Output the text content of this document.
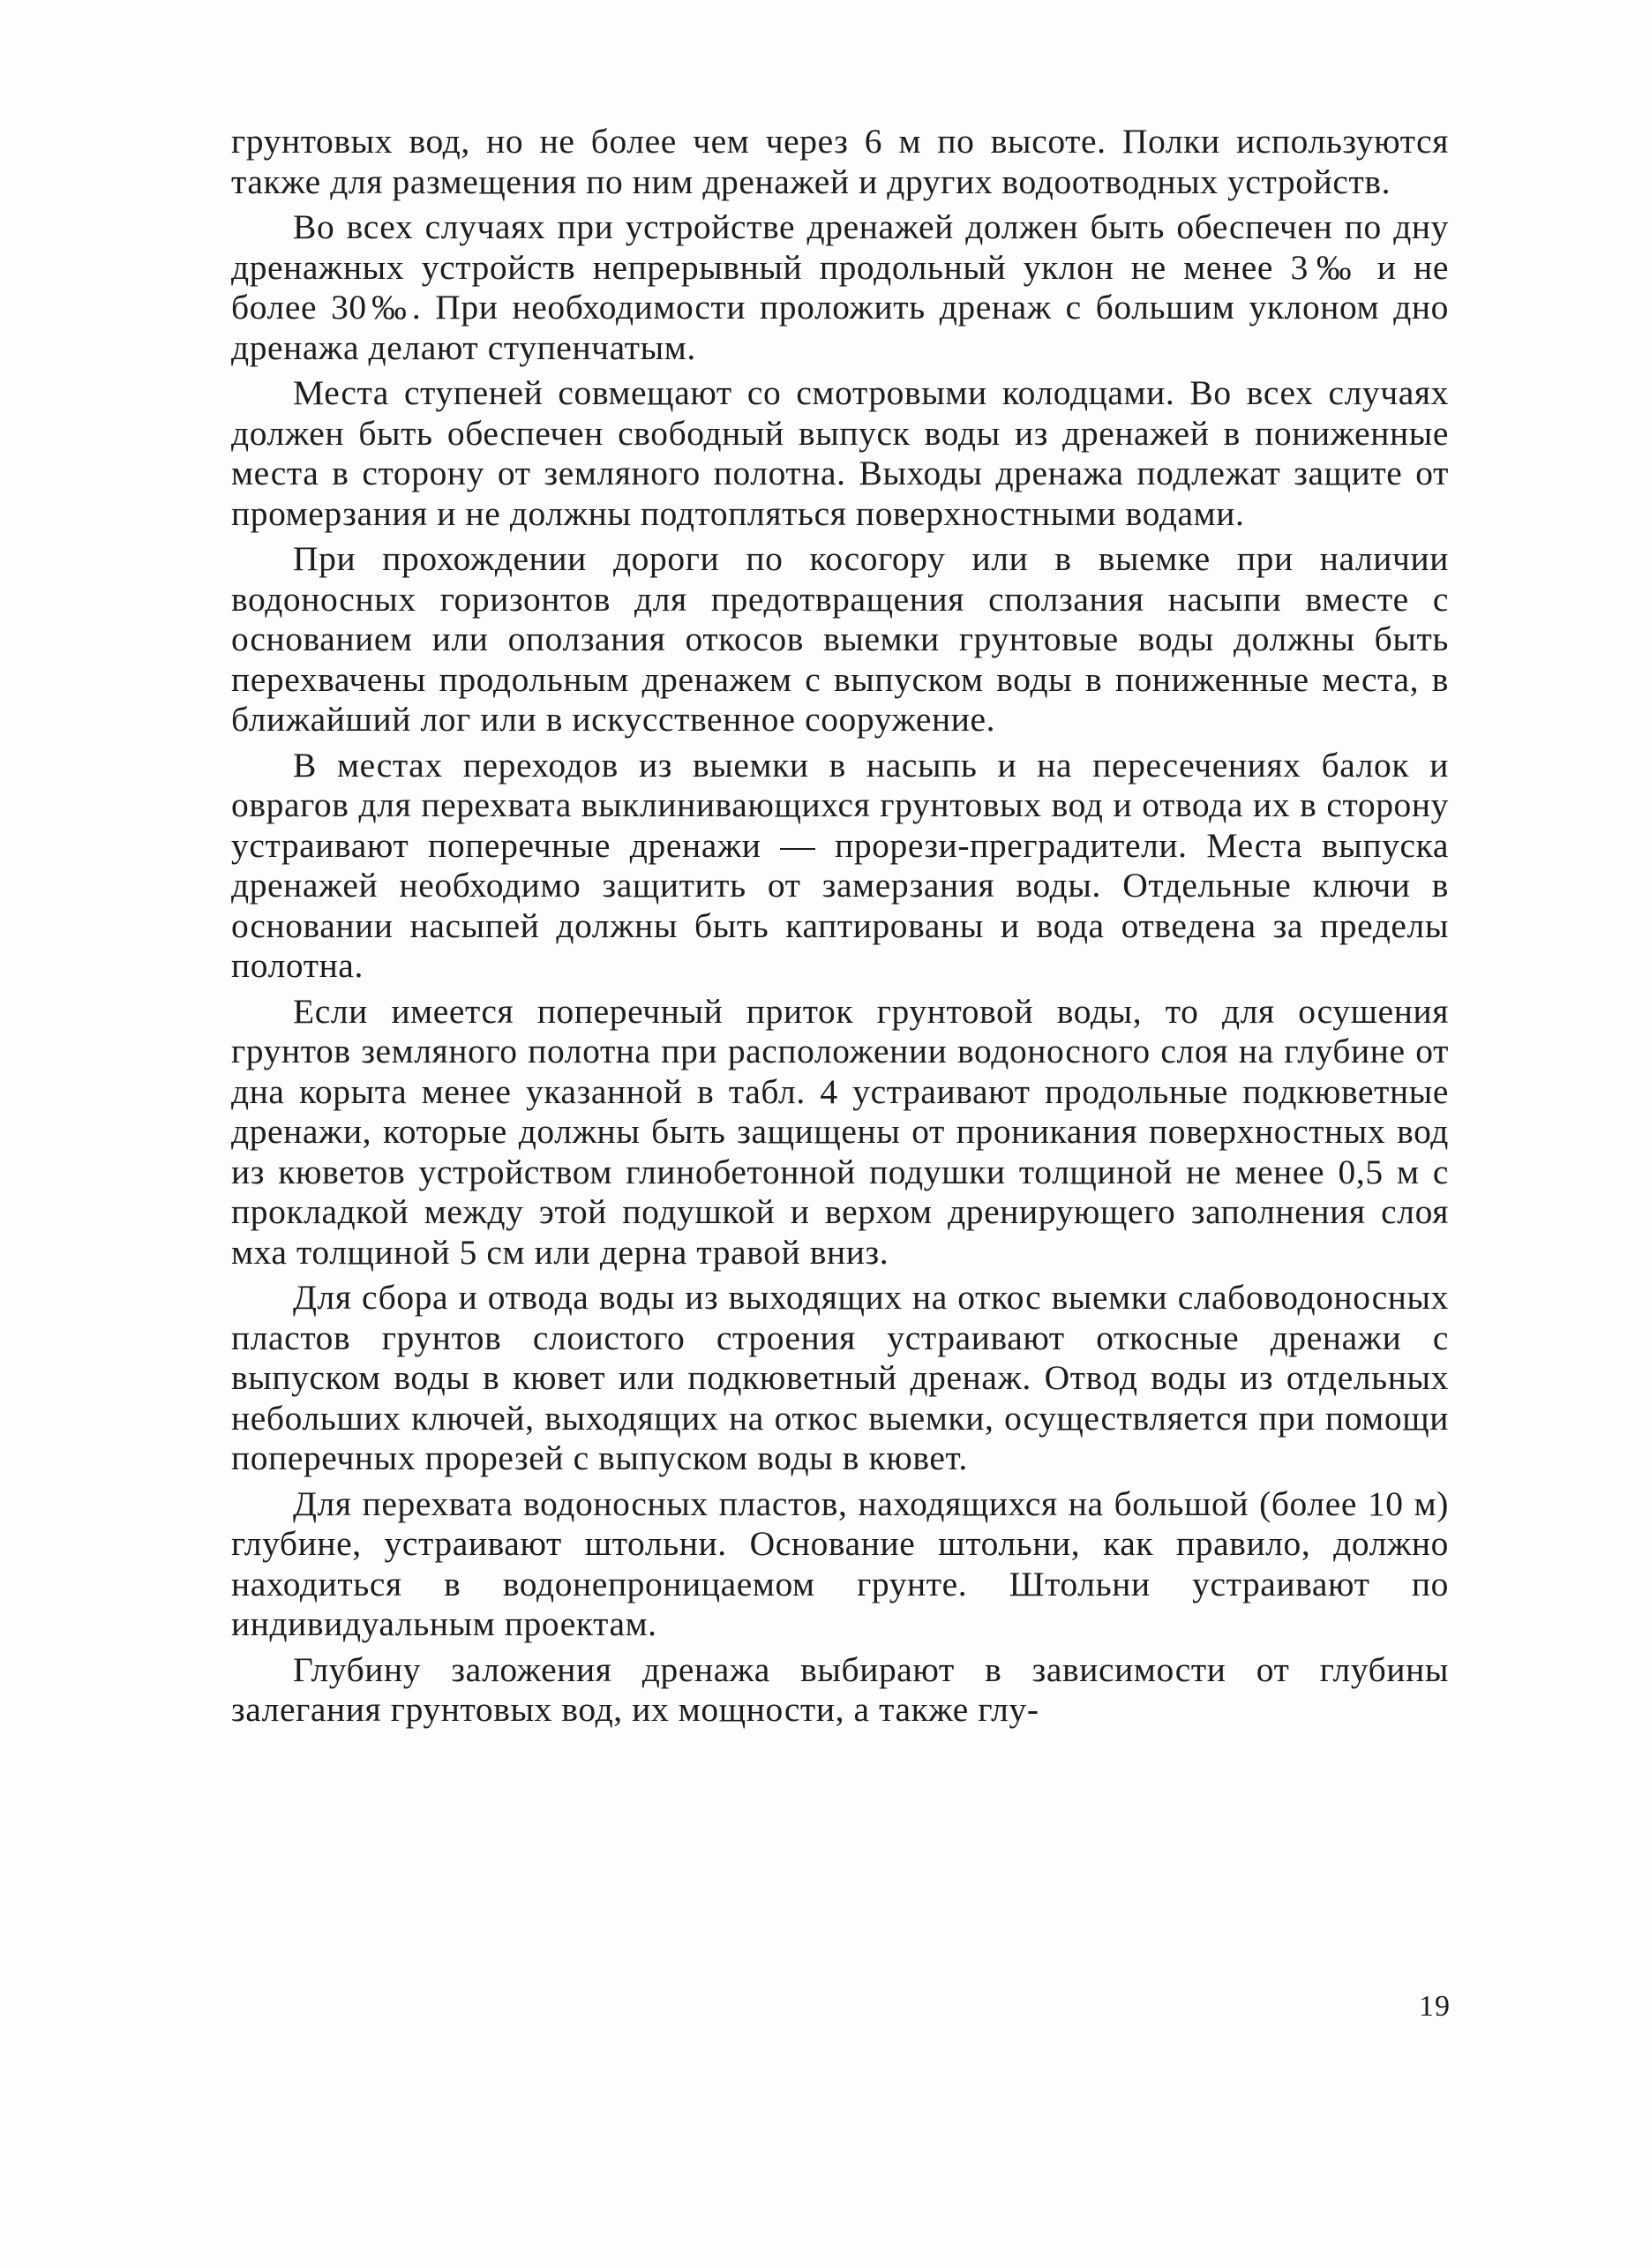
грунтовых вод, но не более чем через 6 м по высоте. Полки используются также для размещения по ним дренажей и других водоотводных устройств.

Во всех случаях при устройстве дренажей должен быть обеспечен по дну дренажных устройств непрерывный продольный уклон не менее 3‰ и не более 30‰. При необходимости проложить дренаж с большим уклоном дно дренажа делают ступенчатым.

Места ступеней совмещают со смотровыми колодцами. Во всех случаях должен быть обеспечен свободный выпуск воды из дренажей в пониженные места в сторону от земляного полотна. Выходы дренажа подлежат защите от промерзания и не должны подтопляться поверхностными водами.

При прохождении дороги по косогору или в выемке при наличии водоносных горизонтов для предотвращения сползания насыпи вместе с основанием или оползания откосов выемки грунтовые воды должны быть перехвачены продольным дренажем с выпуском воды в пониженные места, в ближайший лог или в искусственное сооружение.

В местах переходов из выемки в насыпь и на пересечениях балок и оврагов для перехвата выклинивающихся грунтовых вод и отвода их в сторону устраивают поперечные дренажи — прорези-преградители. Места выпуска дренажей необходимо защитить от замерзания воды. Отдельные ключи в основании насыпей должны быть каптированы и вода отведена за пределы полотна.

Если имеется поперечный приток грунтовой воды, то для осушения грунтов земляного полотна при расположении водоносного слоя на глубине от дна корыта менее указанной в табл. 4 устраивают продольные подкюветные дренажи, которые должны быть защищены от проникания поверхностных вод из кюветов устройством глинобетонной подушки толщиной не менее 0,5 м с прокладкой между этой подушкой и верхом дренирующего заполнения слоя мха толщиной 5 см или дерна травой вниз.

Для сбора и отвода воды из выходящих на откос выемки слабоводоносных пластов грунтов слоистого строения устраивают откосные дренажи с выпуском воды в кювет или подкюветный дренаж. Отвод воды из отдельных небольших ключей, выходящих на откос выемки, осуществляется при помощи поперечных прорезей с выпуском воды в кювет.

Для перехвата водоносных пластов, находящихся на большой (более 10 м) глубине, устраивают штольни. Основание штольни, как правило, должно находиться в водонепроницаемом грунте. Штольни устраивают по индивидуальным проектам.

Глубину заложения дренажа выбирают в зависимости от глубины залегания грунтовых вод, их мощности, а также глу-

19
